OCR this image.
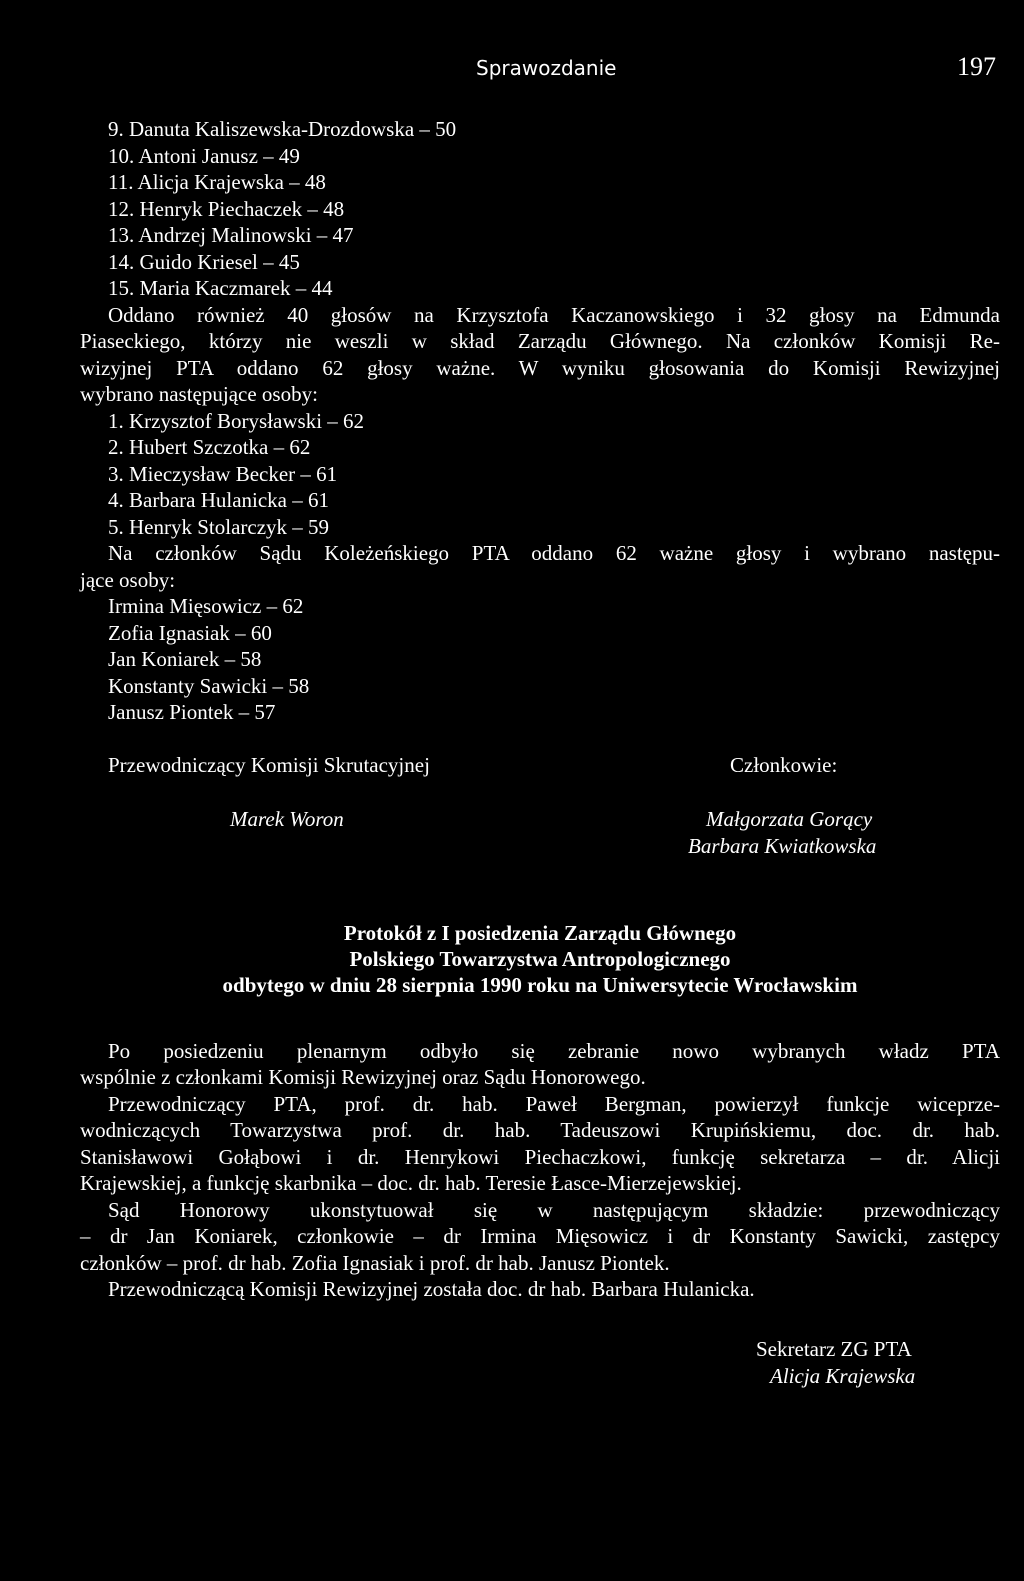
Sprawozdanie	197
9. Danuta Kaliszewska-Drozdowska – 50
10. Antoni Janusz – 49
11. Alicja Krajewska – 48
12. Henryk Piechaczek – 48
13. Andrzej Malinowski – 47
14. Guido Kriesel – 45
15. Maria Kaczmarek – 44
Oddano również 40 głosów na Krzysztofa Kaczanowskiego i 32 głosy na Edmunda
Piaseckiego, którzy nie weszli w skład Zarządu Głównego. Na członków Komisji Re-
wizyjnej PTA oddano 62 głosy ważne. W wyniku głosowania do Komisji Rewizyjnej
wybrano następujące osoby:
1. Krzysztof Borysławski – 62
2. Hubert Szczotka – 62
3. Mieczysław Becker – 61
4. Barbara Hulanicka – 61
5. Henryk Stolarczyk – 59
Na członków Sądu Koleżeńskiego PTA oddano 62 ważne głosy i wybrano następu-
jące osoby:
Irmina Mięsowicz – 62
Zofia Ignasiak – 60
Jan Koniarek – 58
Konstanty Sawicki – 58
Janusz Piontek – 57
Przewodniczący Komisji Skrutacyjnej
Marek Woron
Członkowie:
Małgorzata Gorący
Barbara Kwiatkowska
Protokół z I posiedzenia Zarządu Głównego
Polskiego Towarzystwa Antropologicznego
odbytego w dniu 28 sierpnia 1990 roku na Uniwersytecie Wrocławskim
Po posiedzeniu plenarnym odbyło się zebranie nowo wybranych władz PTA
wspólnie z członkami Komisji Rewizyjnej oraz Sądu Honorowego.
Przewodniczący PTA, prof. dr. hab. Paweł Bergman, powierzył funkcje wiceprze-
wodniczących Towarzystwa prof. dr. hab. Tadeuszowi Krupińskiemu, doc. dr. hab.
Stanisławowi Gołąbowi i dr. Henrykowi Piechaczkowi, funkcję sekretarza – dr. Alicji
Krajewskiej, a funkcję skarbnika – doc. dr. hab. Teresie Łasce-Mierzejewskiej.
Sąd Honorowy ukonstytuował się w następującym składzie: przewodniczący
– dr Jan Koniarek, członkowie – dr Irmina Mięsowicz i dr Konstanty Sawicki, zastępcy
członków – prof. dr hab. Zofia Ignasiak i prof. dr hab. Janusz Piontek.
Przewodniczącą Komisji Rewizyjnej została doc. dr hab. Barbara Hulanicka.
Sekretarz ZG PTA
Alicja Krajewska
